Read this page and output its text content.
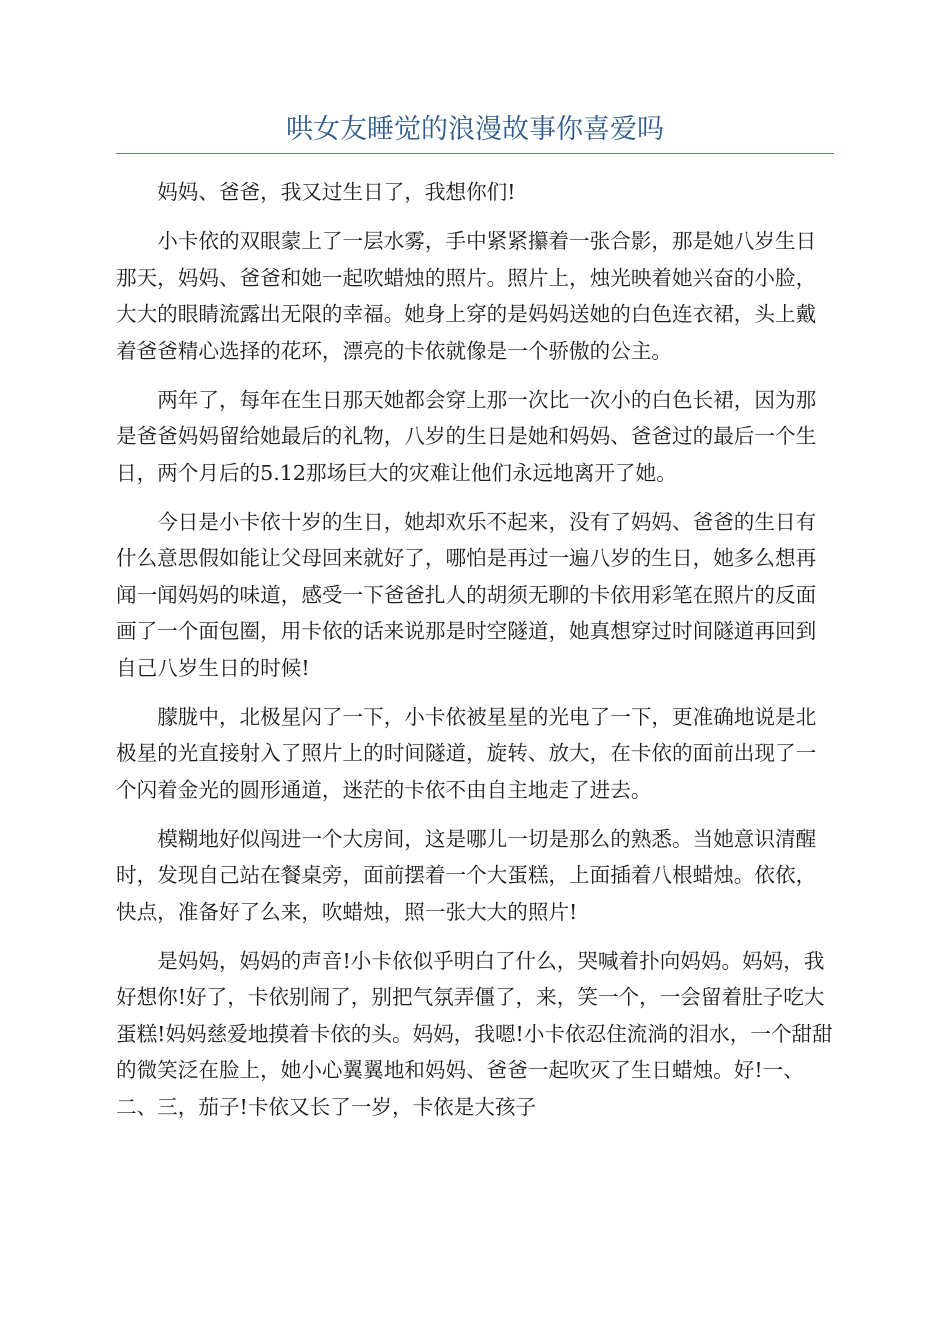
哄女友睡觉的浪漫故事你喜爱吗

妈妈、爸爸，我又过生日了，我想你们!

小卡依的双眼蒙上了一层水雾，手中紧紧攥着一张合影，那是她八岁生日那天，妈妈、爸爸和她一起吹蜡烛的照片。照片上，烛光映着她兴奋的小脸，大大的眼睛流露出无限的幸福。她身上穿的是妈妈送她的白色连衣裙，头上戴着爸爸精心选择的花环，漂亮的卡依就像是一个骄傲的公主。

两年了，每年在生日那天她都会穿上那一次比一次小的白色长裙，因为那是爸爸妈妈留给她最后的礼物，八岁的生日是她和妈妈、爸爸过的最后一个生日，两个月后的5.12那场巨大的灾难让他们永远地离开了她。

今日是小卡依十岁的生日，她却欢乐不起来，没有了妈妈、爸爸的生日有什么意思假如能让父母回来就好了，哪怕是再过一遍八岁的生日，她多么想再闻一闻妈妈的味道，感受一下爸爸扎人的胡须无聊的卡依用彩笔在照片的反面画了一个面包圈，用卡依的话来说那是时空隧道，她真想穿过时间隧道再回到自己八岁生日的时候!

朦胧中，北极星闪了一下，小卡依被星星的光电了一下，更准确地说是北极星的光直接射入了照片上的时间隧道，旋转、放大，在卡依的面前出现了一个闪着金光的圆形通道，迷茫的卡依不由自主地走了进去。

模糊地好似闯进一个大房间，这是哪儿一切是那么的熟悉。当她意识清醒时，发现自己站在餐桌旁，面前摆着一个大蛋糕，上面插着八根蜡烛。依依，快点，准备好了么来，吹蜡烛，照一张大大的照片!

是妈妈，妈妈的声音!小卡依似乎明白了什么，哭喊着扑向妈妈。妈妈，我好想你!好了，卡依别闹了，别把气氛弄僵了，来，笑一个，一会留着肚子吃大蛋糕!妈妈慈爱地摸着卡依的头。妈妈，我嗯!小卡依忍住流淌的泪水，一个甜甜的微笑泛在脸上，她小心翼翼地和妈妈、爸爸一起吹灭了生日蜡烛。好!一、二、三，茄子!卡依又长了一岁，卡依是大孩子
